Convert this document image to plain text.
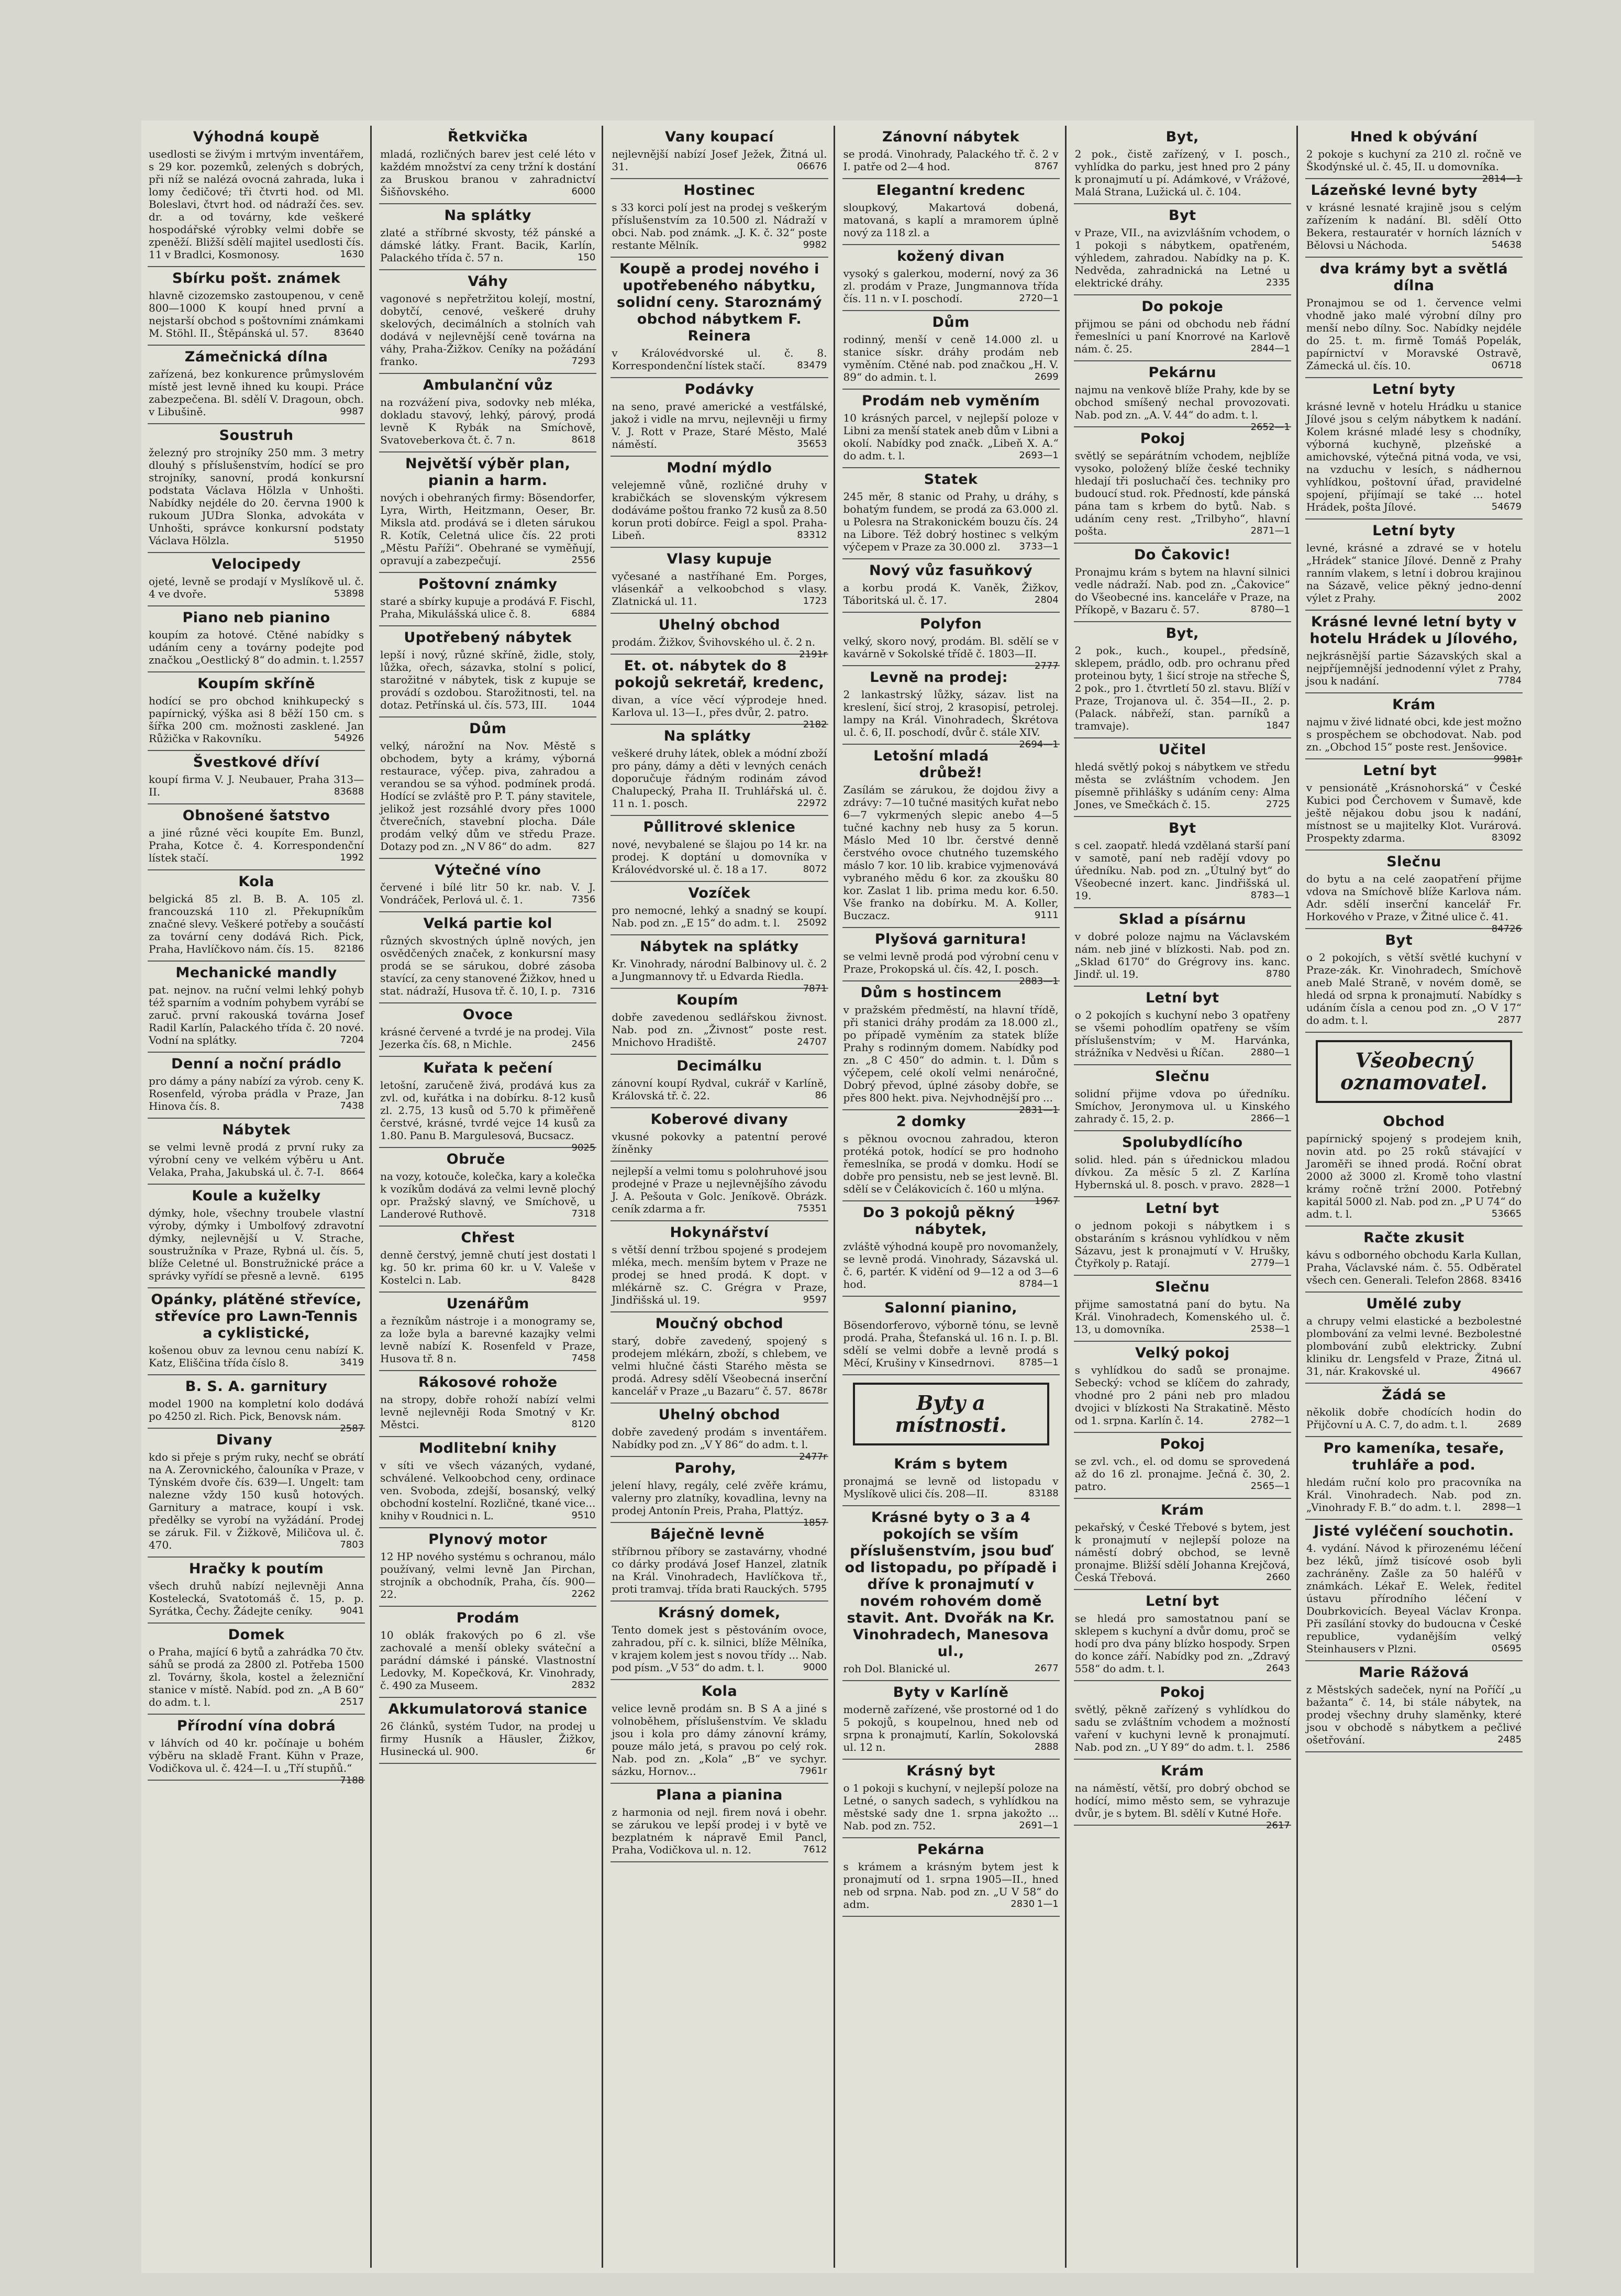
Výhodná koupě
usedlosti se živým i mrtvým inventářem, s 29 kor. pozemků, zelených s dobrých, při níž se nalézá ovocná zahrada, luka i lomy čedičové; tři čtvrti hod. od Ml. Boleslavi, čtvrt hod. od nádraží čes. sev. dr. a od továrny, kde veškeré hospodářské výrobky velmi dobře se zpeněží. Bližší sdělí majitel usedlosti čís. 11 v Bradlci, Kosmonosy.	1630
Sbírku pošt. známek
hlavně cizozemsko zastoupenou, v ceně 800—1000 K koupí hned první a nejstarší obchod s poštovními známkami M. Stöhl. II., Štěpánská ul. 57.	83640
Zámečnická dílna
zařízená, bez konkurence průmyslovém místě jest levně ihned ku koupi. Práce zabezpečena. Bl. sdělí V. Dragoun, obch. v Libušině.	9987
Soustruh
železný pro strojníky 250 mm. 3 metry dlouhý s příslušenstvím, hodící se pro strojníky, sanovní, prodá konkursní podstata Václava Hölzla v Unhošti. Nabídky nejdéle do 20. června 1900 k rukoum JUDra Slonka, advokáta v Unhošti, správce konkursní podstaty Václava Hölzla.	51950
Velocipedy
ojeté, levně se prodají v Myslíkově ul. č. 4 ve dvoře.	53898
Piano neb pianino
koupím za hotové. Ctěné nabídky s udáním ceny a továrny podejte pod značkou „Oestlický 8“ do admin. t. l. 2557
Koupím skříně
hodící se pro obchod knihkupecký s papírnický, výška asi 8 běží 150 cm. s šířka 200 cm. možnosti zasklené. Jan Růžička v Rakovníku.	54926
Švestkové dříví
koupí firma V. J. Neubauer, Praha 313—II.	83688
Obnošené šatstvo
a jiné různé věci koupíte Em. Bunzl, Praha, Kotce č. 4. Korrespondenční lístek stačí.	1992
Kola
belgická 85 zl. B. B. A. 105 zl. francouzská 110 zl. Překupníkům značné slevy. Veškeré potřeby a součástí za tovární ceny dodává Rich. Pick, Praha, Havlíčkovo nám. čís. 15. 82186
Mechanické mandly
pat. nejnov. na ruční velmi lehký pohyb též sparním a vodním pohybem vyrábí se zaruč. první rakouská továrna Josef Radil Karlín, Palackého třída č. 20 nové. Vodní na splátky.	7204
Denní a noční prádlo
pro dámy a pány nabízí za výrob. ceny K. Rosenfeld, výroba prádla v Praze, Jan Hinova čís. 8.	7438
Nábytek
se velmi levně prodá z první ruky za výrobní ceny ve velkém výběru u Ant. Velaka, Praha, Jakubská ul. č. 7-I. 8664
Koule a kuželky
dýmky, hole, všechny troubele vlastní výroby, dýmky i Umbolfový zdravotní dýmky, nejlevnější u V. Strache, soustružníka v Praze, Rybná ul. čís. 5, blíže Celetné ul. Bonstružnické práce a správky vyřídí se přesně a levně. 6195
Opánky, plátěné střevíce, střevíce pro Lawn-Tennis a cyklistické,
košenou obuv za levnou cenu nabízí K. Katz, Eliščina třída číslo 8.	3419
B. S. A. garnitury
model 1900 na kompletní kolo dodává po 4250 zl. Rich. Pick, Benovsk nám.
2587
Divany
kdo si přeje s prým ruky, nechť se obrátí na A. Zerovnického, čalouníka v Praze, v Týnském dvoře čís. 639—I. Ungelt: tam nalezne vždy 150 kusů hotových. Garnitury a matrace, koupí i vsk. předělky se vyrobí na vyžádání. Prodej se záruk. Fil. v Žižkově, Miličova ul. č. 470.	7803
Hračky k poutím
všech druhů nabízí nejlevněji Anna Kostelecká, Svatotomáš č. 15, p. p. Syrátka, Čechy. Žádejte ceníky.	9041
Domek
o Praha, mající 6 bytů a zahrádka 70 čtv. sáhů se prodá za 2800 zl. Potřeba 1500 zl. Továrny, škola, kostel a železniční stanice v místě. Nabíd. pod zn. „A B 60“ do adm. t. l.	2517
Přírodní vína dobrá
v láhvích od 40 kr. počínaje u bohém výběru na skladě Frant. Kühn v Praze, Vodičkova ul. č. 424—I. u „Tří stupňů.“
7188
Řetkvička
mladá, rozličných barev jest celé léto v každém množství za ceny tržní k dostání za Bruskou branou v zahradnictví Šišňovského.	6000
Na splátky
zlaté a stříbrné skvosty, též pánské a dámské látky. Frant. Bacik, Karlín, Palackého třída č. 57 n.	150
Váhy
vagonové s nepřetržitou kolejí, mostní, dobytčí, cenové, veškeré druhy skelových, decimálních a stolních vah dodává v nejlevnější ceně továrna na váhy, Praha-Žižkov. Ceníky na požádání franko.	7293
Ambulanční vůz
na rozvážení piva, sodovky neb mléka, dokladu stavový, lehký, párový, prodá levně K Rybák na Smíchově, Svatoveberkova čt. č. 7 n.	8618
Největší výběr plan, pianin a harm.
nových i obehraných firmy: Bösendorfer, Lyra, Wirth, Heitzmann, Oeser, Br. Miksla atd. prodává se i dleten sárukou R. Kotík, Celetná ulice čís. 22 proti „Městu Paříži“. Obehrané se vyměňují, opravují a zabezpečují.	2556
Poštovní známky
staré a sbírky kupuje a prodává F. Fischl, Praha, Mikulášská ulice č. 8.	6884
Upotřebený nábytek
lepší i nový, různé skříně, židle, stoly, lůžka, ořech, sázavka, stolní s policí, starožitné v nábytek, tisk z kupuje se provádí s ozdobou. Starožitnosti, tel. na dotaz. Petřínská ul. čís. 573, III.	1044
Dům
velký, nárožní na Nov. Městě s obchodem, byty a krámy, výborná restaurace, výčep. piva, zahradou a verandou se sa výhod. podmínek prodá. Hodící se zvláště pro P. T. pány stavitele, jelikož jest rozsáhlé dvory přes 1000 čtverečních, stavební plocha. Dále prodám velký dům ve středu Praze. Dotazy pod zn. „N V 86“ do adm.	827
Výtečné víno
červené i bílé litr 50 kr. nab. V. J. Vondráček, Perlová ul. č. 1.	7356
Velká partie kol
různých skvostných úplně nových, jen osvědčených značek, z konkursní masy prodá se se sárukou, dobré zásoba stavící, za ceny stanovené Žižkov, hned u stat. nádraží, Husova tř. č. 10, I. p. 7316
Ovoce
krásné červené a tvrdé je na prodej. Vila Jezerka čís. 68, n Michle.	2456
Kuřata k pečení
letošní, zaručeně živá, prodává kus za zvl. od, kuřátka i na dobírku. 8-12 kusů zl. 2.75, 13 kusů od 5.70 k přiměřeně čerstvé, krásné, tvrdé vejce 14 kusů za 1.80. Panu B. Margulesová, Bucsacz.
9025
Obruče
na vozy, kotouče, kolečka, kary a kolečka k vozíkům dodává za velmi levně plochý opr. Pražský slavný, ve Smíchově, u Landerové Ruthově.	7318
Chřest
denně čerstvý, jemně chutí jest dostati l kg. 50 kr. prima 60 kr. u V. Valeše v Kostelci n. Lab.	8428
Uzenářům
a řezníkům nástroje i a monogramy se, za lože byla a barevné kazajky velmi levně nabízí K. Rosenfeld v Praze, Husova tř. 8 n.	7458
Rákosové rohože
na stropy, dobře rohoží nabízí velmi levně nejlevněji Roda Smotný v Kr. Městci.	8120
Modlitební knihy
v síti ve všech vázaných, vydané, schválené. Velkoobchod ceny, ordinace ven. Svoboda, zdejší, bosanský, velký obchodní kostelní. Rozličné, tkané vice... knihy v Roudnici n. L.	9510
Plynový motor
12 HP nového systému s ochranou, málo používaný, velmi levně Jan Pirchan, strojník a obchodník, Praha, čís. 900—22.	2262
Prodám
10 oblák frakových po 6 zl. vše zachovalé a menší obleky sváteční a parádní dámské i pánské. Vlastnostní Ledovky, M. Kopečková, Kr. Vinohrady, č. 490 za Museem.	2832
Akkumulatorová stanice
26 článků, systém Tudor, na prodej u firmy Husník a Häusler, Žižkov, Husinecká ul. 900.	6r
Vany koupací
nejlevnější nabízí Josef Ježek, Žitná ul. 31.	06676
Hostinec
s 33 korci polí jest na prodej s veškerým příslušenstvím za 10.500 zl. Nádraží v obci. Nab. pod známk. „J. K. č. 32“ poste restante Mělník.	9982
Koupě a prodej nového i upotřebeného nábytku, solidní ceny. Staroznámý obchod nábytkem F. Reinera
v Královédvorské ul. č. 8. Korrespondenční lístek stačí.	83479
Podávky
na seno, pravé americké a vestfálské, jakož i vidle na mrvu, nejlevněji u firmy V. J. Rott v Praze, Staré Město, Malé náměstí.	35653
Modní mýdlo
velejemně vůně, rozličné druhy v krabičkách se slovenským výkresem dodáváme poštou franko 72 kusů za 8.50 korun proti dobírce. Feigl a spol. Praha-Libeň.	83312
Vlasy kupuje
vyčesané a nastříhané Em. Porges, vlásenkář a velkoobchod s vlasy. Zlatnická ul. 11.	1723
Uhelný obchod
prodám. Žižkov, Švihovského ul. č. 2 n.
2191r
Et. ot. nábytek do 8 pokojů sekretář, kredenc,
divan, a více věcí výprodeje hned. Karlova ul. 13—I., přes dvůr, 2. patro.
2182
Na splátky
veškeré druhy látek, oblek a módní zboží pro pány, dámy a děti v levných cenách doporučuje řádným rodinám závod Chalupecký, Praha II. Truhlářská ul. č. 11 n. 1. posch.	22972
Půllitrové sklenice
nové, nevybalené se šlajou po 14 kr. na prodej. K doptání u domovníka v Královédvorské ul. č. 18 a 17.	8072
Vozíček
pro nemocné, lehký a snadný se koupí. Nab. pod zn. „E 15“ do adm. t. l. 25092
Nábytek na splátky
Kr. Vinohrady, národní Balbinovy ul. č. 2 a Jungmannovy tř. u Edvarda Riedla.
7871
Koupím
dobře zavedenou sedlářskou živnost. Nab. pod zn. „Živnost“ poste rest. Mnichovo Hradiště.	24707
Decimálku
zánovní koupí Rydval, cukrář v Karlíně, Královská tř. č. 22.	86
Koberové divany
vkusné pokovky a patentní perové žíněnky
nejlepší a velmi tomu s polohruhové jsou prodejné v Praze u nejlevnějšího závodu J. A. Pešouta v Golc. Jeníkově. Obrázk. ceník zdarma a fr.	75351
Hokynářství
s větší denní tržbou spojené s prodejem mléka, mech. menším bytem v Praze ne prodej se hned prodá. K dopt. v mlékárně sz. C. Grégra v Praze, Jindřišská ul. 19.	9597
Moučný obchod
starý, dobře zavedený, spojený s prodejem mlékárn, zboží, s chlebem, ve velmi hlučné části Starého města se prodá. Adresy sdělí Všeobecná inserční kancelář v Praze „u Bazaru“ č. 57. 8678r
Uhelný obchod
dobře zavedený prodám s inventářem. Nabídky pod zn. „V Y 86“ do adm. t. l.
2477r
Parohy,
jelení hlavy, regály, celé zvěře krámu, valerny pro zlatníky, kovadlina, levny na prodej Antonín Preis, Praha, Plattýz.
1857
Báječně levně
stříbrnou příbory se zastavárny, vhodné co dárky prodává Josef Hanzel, zlatník na Král. Vinohradech, Havlíčkova tř., proti tramvaj. třída brati Rauckých. 5795
Krásný domek,
Tento domek jest s pěstováním ovoce, zahradou, pří c. k. silnici, blíže Mělníka, v krajem kolem jest s novou třídy ... Nab. pod písm. „V 53“ do adm. t. l.	9000
Kola
velice levně prodám sn. B S A a jiné s volnoběhem, příslušenstvím. Ve skladu jsou i kola pro dámy zánovní krámy, pouze málo jetá, s pravou po celý rok. Nab. pod zn. „Kola“ „B“ ve sychyr. sázku, Hornov...	7961r
Plana a pianina
z harmonia od nejl. firem nová i obehr. se zárukou ve lepší prodej i v bytě ve bezplatném k nápravě Emil Pancl, Praha, Vodičkova ul. n. 12.	7612
Zánovní nábytek
se prodá. Vinohrady, Palackého tř. č. 2 v I. patře od 2—4 hod.	8767
Elegantní kredenc
sloupkový, Makartová dobená, matovaná, s kaplí a mramorem úplně nový za 118 zl. a
kožený divan
vysoký s galerkou, moderní, nový za 36 zl. prodám v Praze, Jungmannova třída čís. 11 n. v I. poschodí.	2720—1
Dům
rodinný, menší v ceně 14.000 zl. u stanice sískr. dráhy prodám neb vyměním. Ctěné nab. pod značkou „H. V. 89“ do admin. t. l.	2699
Prodám neb vyměním
10 krásných parcel, v nejlepší poloze v Libni za menší statek aneb dům v Libni a okolí. Nabídky pod značk. „Libeň X. A.“ do adm. t. l.	2693—1
Statek
245 měr, 8 stanic od Prahy, u dráhy, s bohatým fundem, se prodá za 63.000 zl. u Polesra na Strakonickém bouzu čís. 24 na Libore. Též dobrý hostinec s velkým výčepem v Praze za 30.000 zl. 3733—1
Nový vůz fasuňkový
a korbu prodá K. Vaněk, Žižkov, Táboritská ul. č. 17.	2804
Polyfon
velký, skoro nový, prodám. Bl. sdělí se v kavárně v Sokolské třídě č. 1803—II.
2777
Levně na prodej:
2 lankastrský lůžky, sázav. list na kreslení, šicí stroj, 2 krasopisí, petrolej. lampy na Král. Vinohradech, Škrétova ul. č. 6, II. poschodí, dvůr č. stále XIV.
2694—1
Letošní mladá drůbež!
Zasílám se zárukou, že dojdou živy a zdrávy: 7—10 tučné masitých kuřat nebo 6—7 vykrmených slepic anebo 4—5 tučné kachny neb husy za 5 korun. Máslo Med 10 lbr. čerstvé denně čerstvého ovoce chutného tuzemského máslo 7 kor. 10 lib. krabice vyjmenovává vybraného mědu 6 kor. za zkoušku 80 kor. Zaslat 1 lib. prima medu kor. 6.50. Vše franko na dobírku. M. A. Koller, Buczacz.	9111
Plyšová garnitura!
se velmi levně prodá pod výrobní cenu v Praze, Prokopská ul. čís. 42, I. posch.
2883—1
Dům s hostincem
v pražském předměstí, na hlavní třídě, při stanici dráhy prodám za 18.000 zl., po případě vyměním za statek blíže Prahy s rodinným domem. Nabídky pod zn. „8 C 450“ do admin. t. l. Dům s výčepem, celé okolí velmi nenáročné, Dobrý převod, úplné zásoby dobře, se přes 800 hekt. piva. Nejvhodnější pro ...
2831—1
2 domky
s pěknou ovocnou zahradou, kteron protéká potok, hodící se pro hodnoho řemeslníka, se prodá v domku. Hodí se dobře pro pensistu, neb se jest levně. Bl. sdělí se v Čelákovicích č. 160 u mlýna.
1967
Do 3 pokojů pěkný nábytek,
zvláště výhodná koupě pro novomanžely, se levně prodá. Vinohrady, Sázavská ul. č. 6, partér. K vidění od 9—12 a od 3—6 hod.	8784—1
Salonní pianino,
Bösendorferovo, výborně tónu, se levně prodá. Praha, Štefanská ul. 16 n. I. p. Bl. sdělí se velmi dobře a levně prodá s Měcí, Krušiny v Kinsedrnovi.	8785—1
Byty a místnosti.
Krám s bytem
pronajmá se levně od listopadu v Myslíkově ulici čís. 208—II.	83188
Krásné byty o 3 a 4 pokojích se vším příslušenstvím, jsou buď od listopadu, po případě i dříve k pronajmutí v novém rohovém domě stavit. Ant. Dvořák na Kr. Vinohradech, Manesova ul.,
roh Dol. Blanické ul.	2677
Byty v Karlíně
moderně zařízené, vše prostorné od 1 do 5 pokojů, s koupelnou, hned neb od srpna k pronajmutí, Karlín, Sokolovská ul. 12 n.	2888
Krásný byt
o 1 pokoji s kuchyní, v nejlepší poloze na Letné, o sanych sadech, s vyhlídkou na městské sady dne 1. srpna jakožto ... Nab. pod zn. 752.	2691—1
Pekárna
s krámem a krásným bytem jest k pronajmutí od 1. srpna 1905—II., hned neb od srpna. Nab. pod zn. „U V 58“ do adm.	2830 1—1
Byt,
2 pok., čistě zařízený, v I. posch., vyhlídka do parku, jest hned pro 2 pány k pronajmutí u pí. Adámkové, v Vrážové, Malá Strana, Lužická ul. č. 104.
Byt
v Praze, VII., na avizvlášním vchodem, o 1 pokoji s nábytkem, opatřeném, výhledem, zahradou. Nabídky na p. K. Nedvěda, zahradnická na Letné u elektrické dráhy.	2335
Do pokoje
přijmou se páni od obchodu neb řádní řemeslníci u paní Knorrové na Karlově nám. č. 25.	2844—1
Pekárnu
najmu na venkově blíže Prahy, kde by se obchod smíšený nechal provozovati. Nab. pod zn. „A. V. 44“ do adm. t. l.
2652—1
Pokoj
světlý se sepárátním vchodem, nejblíže vysoko, položený blíže české techniky hledají tři posluchačí čes. techniky pro budoucí stud. rok. Předností, kde pánská pána tam s krbem do bytů. Nab. s udáním ceny rest. „Trilbyho“, hlavní pošta.	2871—1
Do Čakovic!
Pronajmu krám s bytem na hlavní silnici vedle nádraží. Nab. pod zn. „Čakovice“ do Všeobecné ins. kanceláře v Praze, na Příkopě, v Bazaru č. 57.	8780—1
Byt,
2 pok., kuch., koupel., předsíně, sklepem, prádlo, odb. pro ochranu před proteinou byty, 1 šicí stroje na střeche Š, 2 pok., pro 1. čtvrtletí 50 zl. stavu. Blíží v Praze, Trojanova ul. č. 354—II., 2. p. (Palack. nábřeží, stan. parníků a tramvaje).	1847
Učitel
hledá světlý pokoj s nábytkem ve středu města se zvláštním vchodem. Jen písemně přihlášky s udáním ceny: Alma Jones, ve Smečkách č. 15.	2725
Byt
s cel. zaopatř. hledá vzdělaná starší paní v samotě, paní neb radějí vdovy po úředníku. Nab. pod zn. „Útulný byt“ do Všeobecné inzert. kanc. Jindřišská ul. 19.	8783—1
Sklad a písárnu
v dobré poloze najmu na Václavském nám. neb jiné v blízkosti. Nab. pod zn. „Sklad 6170“ do Grégrovy ins. kanc. Jindř. ul. 19.	8780
Letní byt
o 2 pokojích s kuchyní nebo 3 opatřeny se všemi pohodlím opatřeny se vším příslušenstvím; v M. Harvánka, strážníka v Nedvěsi u Říčan.	2880—1
Slečnu
solidní přijme vdova po úředníku. Smíchov, Jeronymova ul. u Kinského zahrady č. 15, 2. p.	2866—1
Spolubydlícího
solid. hled. pán s úřednickou mladou dívkou. Za měsíc 5 zl. Z Karlína Hybernská ul. 8. posch. v pravo. 2828—1
Letní byt
o jednom pokoji s nábytkem i s obstaráním s krásnou vyhlídkou v něm Sázavu, jest k pronajmutí v V. Hrušky, Čtyřkoly p. Ratají.	2779—1
Slečnu
přijme samostatná paní do bytu. Na Král. Vinohradech, Komenského ul. č. 13, u domovníka.	2538—1
Velký pokoj
s vyhlídkou do sadů se pronajme. Sebecký: vchod se klíčem do zahrady, vhodné pro 2 páni neb pro mladou dvojici v blízkosti Na Strakatině. Město od 1. srpna. Karlín č. 14.	2782—1
Pokoj
se zvl. vch., el. od domu se sprovedená až do 16 zl. pronajme. Ječná č. 30, 2. patro.	2565—1
Krám
pekařský, v České Třebové s bytem, jest k pronajmutí v nejlepší poloze na náměstí dobrý obchod, se levně pronajme. Bližší sdělí Johanna Krejčová, Česká Třebová.	2660
Letní byt
se hledá pro samostatnou paní se sklepem s kuchyní a dvůr domu, proč se hodí pro dva pány blízko hospody. Srpen do konce září. Nabídky pod zn. „Zdravý 558“ do adm. t. l.	2643
Pokoj
světlý, pěkně zařízený s vyhlídkou do sadu se zvláštním vchodem a možností vaření v kuchyni levně k pronajmutí. Nab. pod zn. „U Y 89“ do adm. t. l. 2586
Krám
na náměstí, větší, pro dobrý obchod se hodící, mimo město sem, se vyhrazuje dvůr, je s bytem. Bl. sdělí v Kutné Hoře.
2617
Hned k obývání
2 pokoje s kuchyní za 210 zl. ročně ve Škodýnské ul. č. 45, II. u domovníka.
2814—1
Lázeňské levné byty
v krásné lesnaté krajině jsou s celým zařízením k nadání. Bl. sdělí Otto Bekera, restauratér v horních lázních v Bělovsi u Náchoda.	54638
dva krámy byt a světlá dílna
Pronajmou se od 1. července velmi vhodně jako malé výrobní dílny pro menší nebo dílny. Soc. Nabídky nejdéle do 25. t. m. firmě Tomáš Popelák, papírnictví v Moravské Ostravě, Zámecká ul. čís. 10.	06718
Letní byty
krásné levně v hotelu Hrádku u stanice Jílové jsou s celým nábytkem k nadání. Kolem krásné mladé lesy s chodníky, výborná kuchyně, plzeňské a amichovské, výtečná pitná voda, ve vsi, na vzduchu v lesích, s nádhernou vyhlídkou, poštovní úřad, pravidelné spojení, přijímají se také ... hotel Hrádek, pošta Jílové.	54679
Letní byty
levné, krásné a zdravé se v hotelu „Hrádek“ stanice Jílové. Denně z Prahy ranním vlakem, s letní i dobrou krajinou na Sázavě, velice pěkný jedno-denní výlet z Prahy.	2002
Krásné levné letní byty v hotelu Hrádek u Jílového,
nejkrásnější partie Sázavských skal a nejpříjemnější jednodenní výlet z Prahy, jsou k nadání.	7784
Krám
najmu v živé lidnaté obci, kde jest možno s prospěchem se obchodovat. Nab. pod zn. „Obchod 15“ poste rest. Jenšovice.
9981r
Letní byt
v pensionátě „Krásnohorská“ v České Kubici pod Čerchovem v Šumavě, kde ještě nějakou dobu jsou k nadání, místnost se u majitelky Klot. Vurárová. Prospekty zdarma.	83092
Slečnu
do bytu a na celé zaopatření přijme vdova na Smíchově blíže Karlova nám. Adr. sdělí inserční kancelář Fr. Horkového v Praze, v Žitné ulice č. 41.
84726
Byt
o 2 pokojích, s větší světlé kuchyní v Praze-zák. Kr. Vinohradech, Smíchově aneb Malé Straně, v novém domě, se hledá od srpna k pronajmutí. Nabídky s udáním čísla a cenou pod zn. „O V 17“ do adm. t. l.	2877
Všeobecný oznamovatel.
Obchod
papírnický spojený s prodejem knih, novin atd. po 25 roků stávající v Jaroměři se ihned prodá. Roční obrat 2000 až 3000 zl. Kromě toho vlastní krámy ročně tržní 2000. Potřebný kapitál 5000 zl. Nab. pod zn. „P U 74“ do adm. t. l.	53665
Račte zkusit
kávu s odborného obchodu Karla Kullan, Praha, Václavské nám. č. 55. Odběratel všech cen. Generali. Telefon 2868. 83416
Umělé zuby
a chrupy velmi elastické a bezbolestné plombování za velmi levné. Bezbolestné plombování zubů elektricky. Zubní kliniku dr. Lengsfeld v Praze, Žitná ul. 31, nár. Krakovské ul.	49667
Žádá se
několik dobře chodících hodin do Přijčovní u A. C. 7, do adm. t. l.	2689
Pro kameníka, tesaře, truhláře a pod.
hledám ruční kolo pro pracovníka na Král. Vinohradech. Nab. pod zn. „Vinohrady F. B.“ do adm. t. l. 2898—1
Jisté vyléčení souchotin.
4. vydání. Návod k přirozenému léčení bez léků, jímž tisícové osob byli zachráněny. Zašle za 50 haléřů v známkách. Lékař E. Welek, ředitel ústavu přírodního léčení v Doubrkovicích. Beyeal Václav Kronpa. Při zasílání stovky do budoucna v České republice, vydanějším velký Steinhausers v Plzni.	05695
Marie Rážová
z Městských sadeček, nyní na Poříčí „u bažanta“ č. 14, bi stále nábytek, na prodej všechny druhy slaměnky, které jsou v obchodě s nábytkem a pečlivé ošetřování.	2485
